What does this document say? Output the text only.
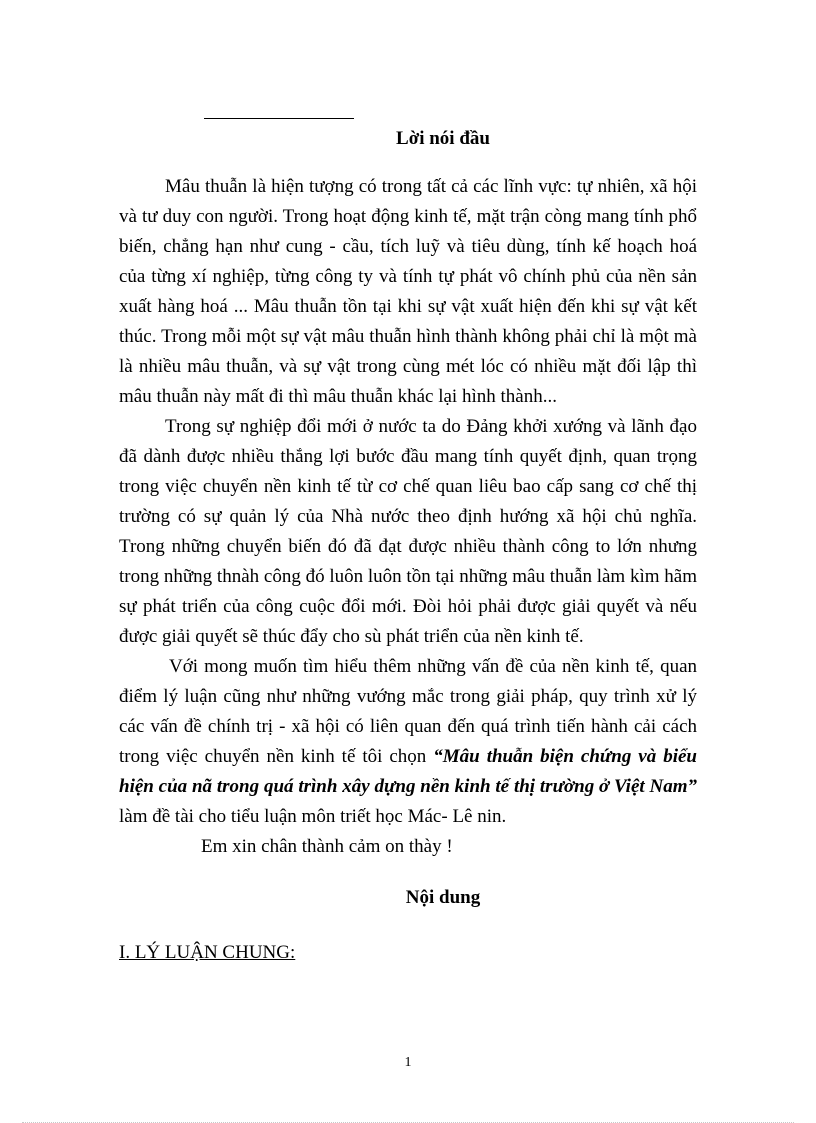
Lời nói đầu

Mâu thuẫn là hiện tượng có trong tất cả các lĩnh vực: tự nhiên, xã hội và tư duy con người. Trong hoạt động kinh tế, mặt trận còng mang tính phổ biến, chẳng hạn như cung - cầu, tích luỹ và tiêu dùng, tính kế hoạch hoá của từng xí nghiệp, từng công ty và tính tự phát vô chính phủ của nền sản xuất hàng hoá ... Mâu thuẫn tồn tại khi sự vật xuất hiện đến khi sự vật kết thúc. Trong mỗi một sự vật mâu thuẫn hình thành không phải chỉ là một mà là nhiều mâu thuẫn, và sự vật trong cùng mét lóc có nhiều mặt đối lập thì mâu thuẫn này mất đi thì mâu thuẫn khác lại hình thành...

Trong sự nghiệp đổi mới ở nước ta do Đảng khởi xướng và lãnh đạo đã dành được nhiều thắng lợi bước đầu mang tính quyết định, quan trọng trong việc chuyển nền kinh tế từ cơ chế quan liêu bao cấp sang cơ chế thị trường có sự quản lý của Nhà nước theo định hướng xã hội chủ nghĩa. Trong những chuyển biến đó đã đạt được nhiều thành công to lớn nhưng trong những thnàh công đó luôn luôn tồn tại những mâu thuẫn làm kìm hãm sự phát triển của công cuộc đổi mới. Đòi hỏi phải được giải quyết và nếu được giải quyết sẽ thúc đẩy cho sù phát triển của nền kinh tế.

Với mong muốn tìm hiểu thêm những vấn đề của nền kinh tế, quan điểm lý luận cũng như những vướng mắc trong giải pháp, quy trình xử lý các vấn đề chính trị - xã hội có liên quan đến quá trình tiến hành cải cách trong việc chuyển nền kinh tế tôi chọn “Mâu thuẫn biện chứng và biểu hiện của nã trong quá trình xây dựng nền kinh tế thị trường ở Việt Nam” làm đề tài cho tiểu luận môn triết học Mác- Lê nin.

Em xin chân thành cảm on thày !

Nội dung
I. LÝ LUẬN CHUNG:
1
